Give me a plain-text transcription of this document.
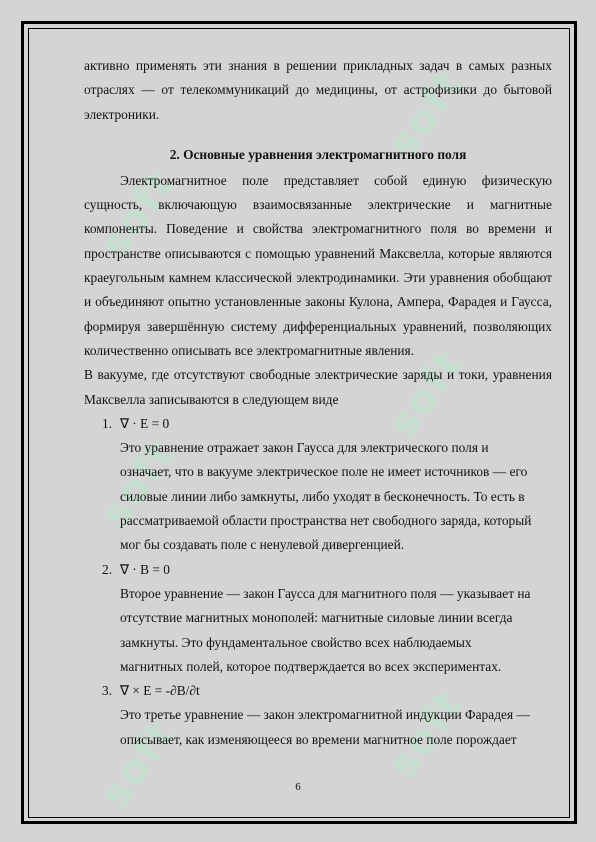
soft
soft
soft
soft
soft	soft

активно применять эти знания в решении прикладных задач в самых разных отраслях — от телекоммуникаций до медицины, от астрофизики до бытовой электроники.

2. Основные уравнения электромагнитного поля

Электромагнитное поле представляет собой единую физическую сущность, включающую взаимосвязанные электрические и магнитные компоненты. Поведение и свойства электромагнитного поля во времени и пространстве описываются с помощью уравнений Максвелла, которые являются краеугольным камнем классической электродинамики. Эти уравнения обобщают и объединяют опытно установленные законы Кулона, Ампера, Фарадея и Гаусса, формируя завершённую систему дифференциальных уравнений, позволяющих количественно описывать все электромагнитные явления.

В вакууме, где отсутствуют свободные электрические заряды и токи, уравнения Максвелла записываются в следующем виде

1. ∇ · E = 0

Это уравнение отражает закон Гаусса для электрического поля и означает, что в вакууме электрическое поле не имеет источников — его силовые линии либо замкнуты, либо уходят в бесконечность. То есть в рассматриваемой области пространства нет свободного заряда, который мог бы создавать поле с ненулевой дивергенцией.

2. ∇ · B = 0

Второе уравнение — закон Гаусса для магнитного поля — указывает на отсутствие магнитных монополей: магнитные силовые линии всегда замкнуты. Это фундаментальное свойство всех наблюдаемых магнитных полей, которое подтверждается во всех экспериментах.

3. ∇ × E = -∂B/∂t

Это третье уравнение — закон электромагнитной индукции Фарадея — описывает, как изменяющееся во времени магнитное поле порождает

6
